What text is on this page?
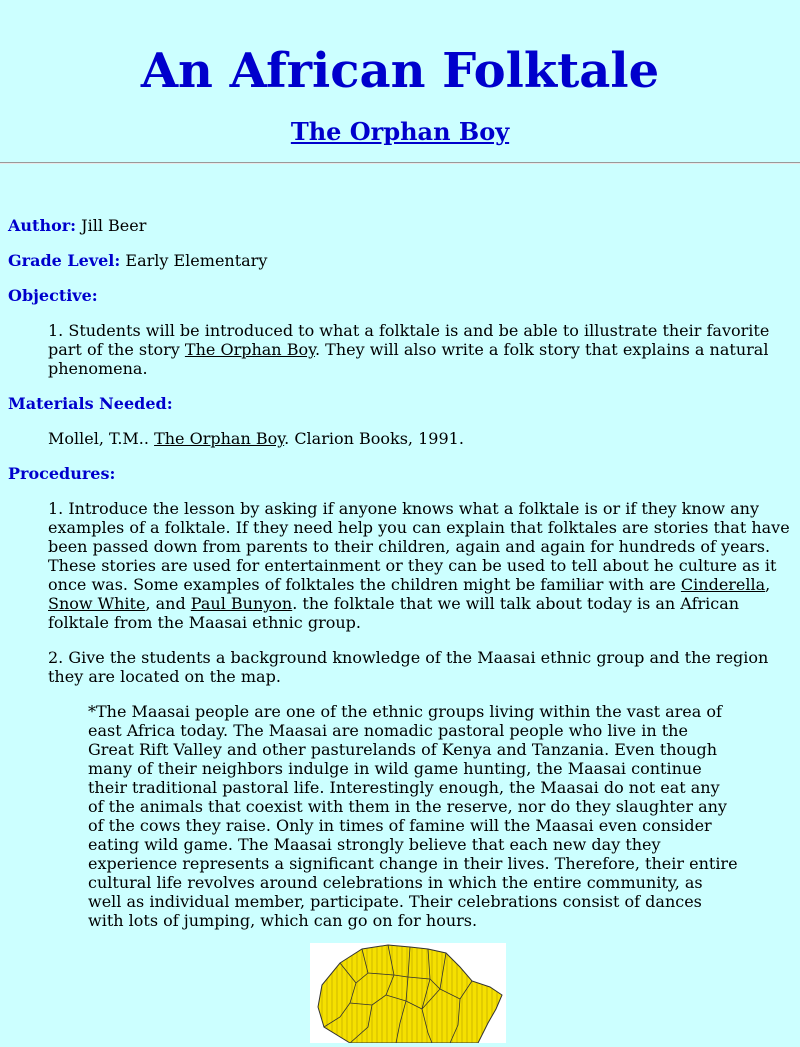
An African Folktale
The Orphan Boy

Author: Jill Beer

Grade Level: Early Elementary

Objective:

1. Students will be introduced to what a folktale is and be able to illustrate their favorite part of the story The Orphan Boy. They will also write a folk story that explains a natural phenomena.

Materials Needed:

Mollel, T.M.. The Orphan Boy. Clarion Books, 1991.

Procedures:

1. Introduce the lesson by asking if anyone knows what a folktale is or if they know any examples of a folktale. If they need help you can explain that folktales are stories that have been passed down from parents to their children, again and again for hundreds of years. These stories are used for entertainment or they can be used to tell about he culture as it once was. Some examples of folktales the children might be familiar with are Cinderella, Snow White, and Paul Bunyon. the folktale that we will talk about today is an African folktale from the Maasai ethnic group.

2. Give the students a background knowledge of the Maasai ethnic group and the region they are located on the map.

*The Maasai people are one of the ethnic groups living within the vast area of east Africa today. The Maasai are nomadic pastoral people who live in the Great Rift Valley and other pasturelands of Kenya and Tanzania. Even though many of their neighbors indulge in wild game hunting, the Maasai continue their traditional pastoral life. Interestingly enough, the Maasai do not eat any of the animals that coexist with them in the reserve, nor do they slaughter any of the cows they raise. Only in times of famine will the Maasai even consider eating wild game. The Maasai strongly believe that each new day they experience represents a significant change in their lives. Therefore, their entire cultural life revolves around celebrations in which the entire community, as well as individual member, participate. Their celebrations consist of dances with lots of jumping, which can go on for hours.
